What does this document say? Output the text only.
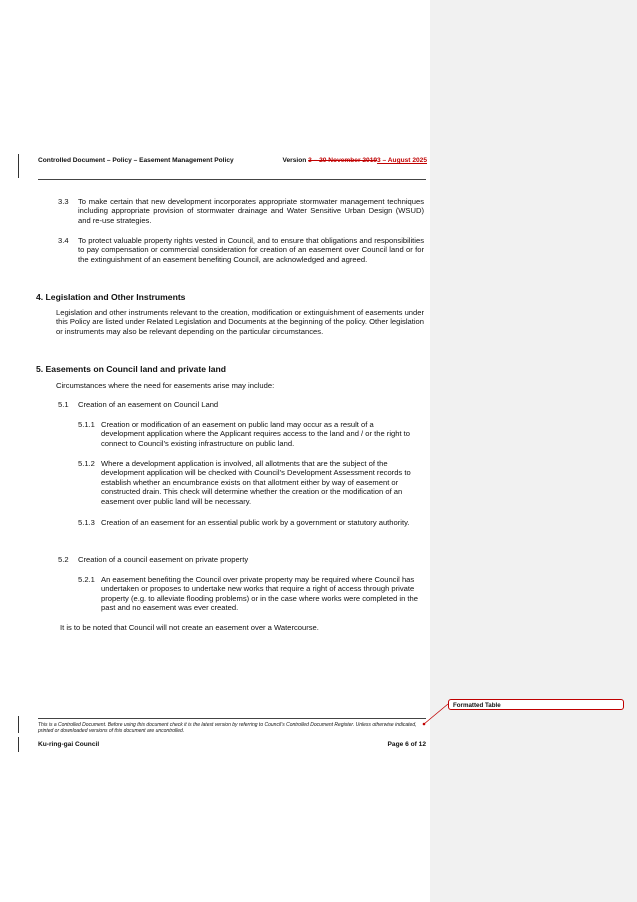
Controlled Document – Policy – Easement Management Policy	Version 3 – 20 November 20193 – August 2025
3.3 To make certain that new development incorporates appropriate stormwater management techniques including appropriate provision of stormwater drainage and Water Sensitive Urban Design (WSUD) and re-use strategies.
3.4 To protect valuable property rights vested in Council, and to ensure that obligations and responsibilities to pay compensation or commercial consideration for creation of an easement over Council land or for the extinguishment of an easement benefiting Council, are acknowledged and agreed.
4. Legislation and Other Instruments
Legislation and other instruments relevant to the creation, modification or extinguishment of easements under this Policy are listed under Related Legislation and Documents at the beginning of the policy. Other legislation or instruments may also be relevant depending on the particular circumstances.
5. Easements on Council land and private land
Circumstances where the need for easements arise may include:
5.1 Creation of an easement on Council Land
5.1.1 Creation or modification of an easement on public land may occur as a result of a development application where the Applicant requires access to the land and / or the right to connect to Council’s existing infrastructure on public land.
5.1.2 Where a development application is involved, all allotments that are the subject of the development application will be checked with Council’s Development Assessment records to establish whether an encumbrance exists on that allotment either by way of easement or constructed drain. This check will determine whether the creation or the modification of an easement over public land will be necessary.
5.1.3 Creation of an easement for an essential public work by a government or statutory authority.
5.2 Creation of a council easement on private property
5.2.1 An easement benefiting the Council over private property may be required where Council has undertaken or proposes to undertake new works that require a right of access through private property (e.g. to alleviate flooding problems) or in the case where works were completed in the past and no easement was ever created.
It is to be noted that Council will not create an easement over a Watercourse.
This is a Controlled Document. Before using this document check it is the latest version by referring to Council’s Controlled Document Register. Unless otherwise indicated, printed or downloaded versions of this document are uncontrolled.
Ku-ring-gai Council	Page 6 of 12
Formatted Table
